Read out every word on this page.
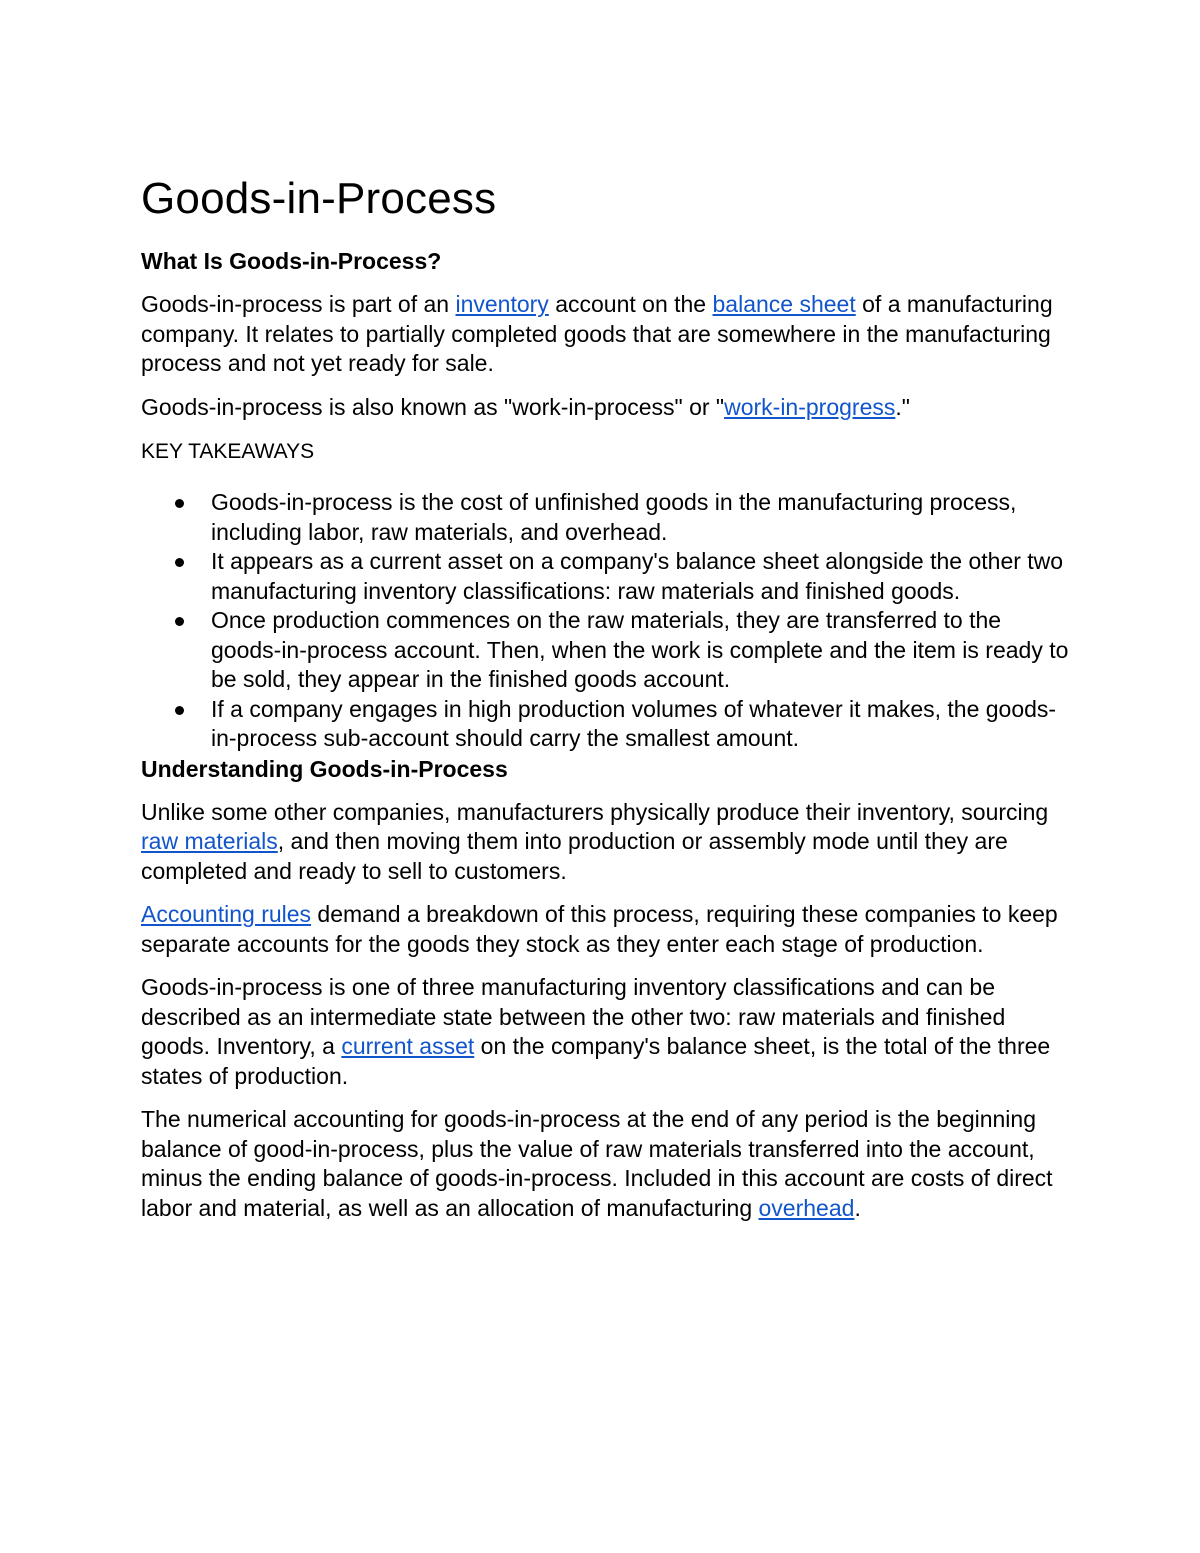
Goods-in-Process
What Is Goods-in-Process?

Goods-in-process is part of an inventory account on the balance sheet of a manufacturing company. It relates to partially completed goods that are somewhere in the manufacturing process and not yet ready for sale.

Goods-in-process is also known as "work-in-process" or "work-in-progress."

KEY TAKEAWAYS

Goods-in-process is the cost of unfinished goods in the manufacturing process, including labor, raw materials, and overhead.
It appears as a current asset on a company's balance sheet alongside the other two manufacturing inventory classifications: raw materials and finished goods.
Once production commences on the raw materials, they are transferred to the goods-in-process account. Then, when the work is complete and the item is ready to be sold, they appear in the finished goods account.
If a company engages in high production volumes of whatever it makes, the goods-in-process sub-account should carry the smallest amount.
Understanding Goods-in-Process

Unlike some other companies, manufacturers physically produce their inventory, sourcing raw materials, and then moving them into production or assembly mode until they are completed and ready to sell to customers.

Accounting rules demand a breakdown of this process, requiring these companies to keep separate accounts for the goods they stock as they enter each stage of production.

Goods-in-process is one of three manufacturing inventory classifications and can be described as an intermediate state between the other two: raw materials and finished goods. Inventory, a current asset on the company's balance sheet, is the total of the three states of production.

The numerical accounting for goods-in-process at the end of any period is the beginning balance of good-in-process, plus the value of raw materials transferred into the account, minus the ending balance of goods-in-process. Included in this account are costs of direct labor and material, as well as an allocation of manufacturing overhead.
